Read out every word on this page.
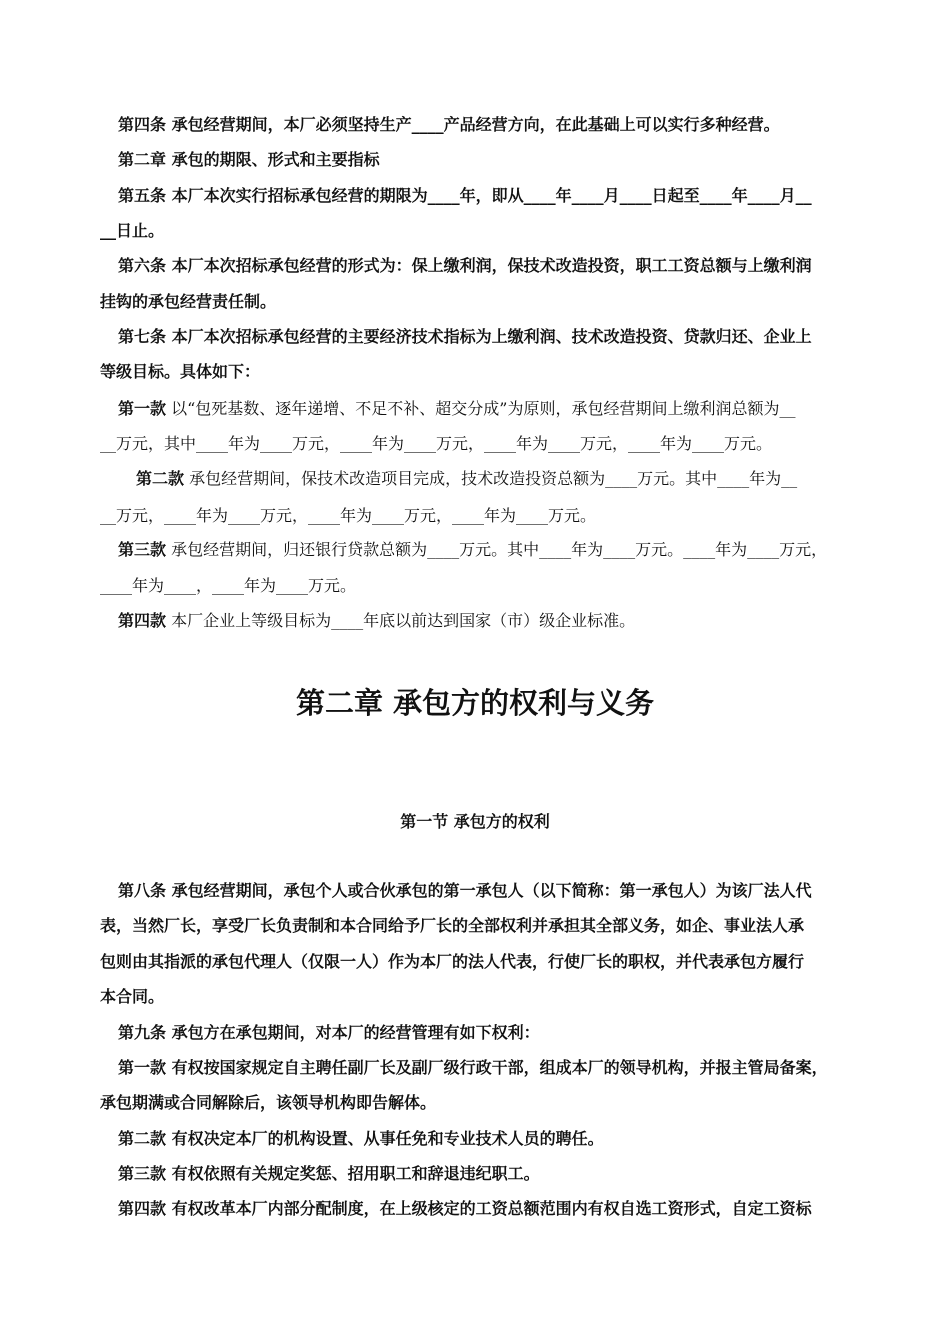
第四条 承包经营期间，本厂必须坚持生产____产品经营方向，在此基础上可以实行多种经营。

第二章 承包的期限、形式和主要指标

第五条 本厂本次实行招标承包经营的期限为____年，即从____年____月____日起至____年____月__

__日止。

第六条 本厂本次招标承包经营的形式为：保上缴利润，保技术改造投资，职工工资总额与上缴利润

挂钩的承包经营责任制。

第七条 本厂本次招标承包经营的主要经济技术指标为上缴利润、技术改造投资、贷款归还、企业上

等级目标。具体如下：

第一款 以“包死基数、逐年递增、不足不补、超交分成”为原则，承包经营期间上缴利润总额为__

__万元，其中____年为____万元，____年为____万元，____年为____万元，____年为____万元。

第二款 承包经营期间，保技术改造项目完成，技术改造投资总额为____万元。其中____年为__

__万元，____年为____万元，____年为____万元，____年为____万元。

第三款 承包经营期间，归还银行贷款总额为____万元。其中____年为____万元。____年为____万元，

____年为____，____年为____万元。

第四款 本厂企业上等级目标为____年底以前达到国家（市）级企业标准。

第二章 承包方的权利与义务
第一节 承包方的权利

第八条 承包经营期间，承包个人或合伙承包的第一承包人（以下简称：第一承包人）为该厂法人代

表，当然厂长，享受厂长负责制和本合同给予厂长的全部权利并承担其全部义务，如企、事业法人承

包则由其指派的承包代理人（仅限一人）作为本厂的法人代表，行使厂长的职权，并代表承包方履行

本合同。

第九条 承包方在承包期间，对本厂的经营管理有如下权利：

第一款 有权按国家规定自主聘任副厂长及副厂级行政干部，组成本厂的领导机构，并报主管局备案，

承包期满或合同解除后，该领导机构即告解体。

第二款 有权决定本厂的机构设置、从事任免和专业技术人员的聘任。

第三款 有权依照有关规定奖惩、招用职工和辞退违纪职工。

第四款 有权改革本厂内部分配制度，在上级核定的工资总额范围内有权自选工资形式，自定工资标
